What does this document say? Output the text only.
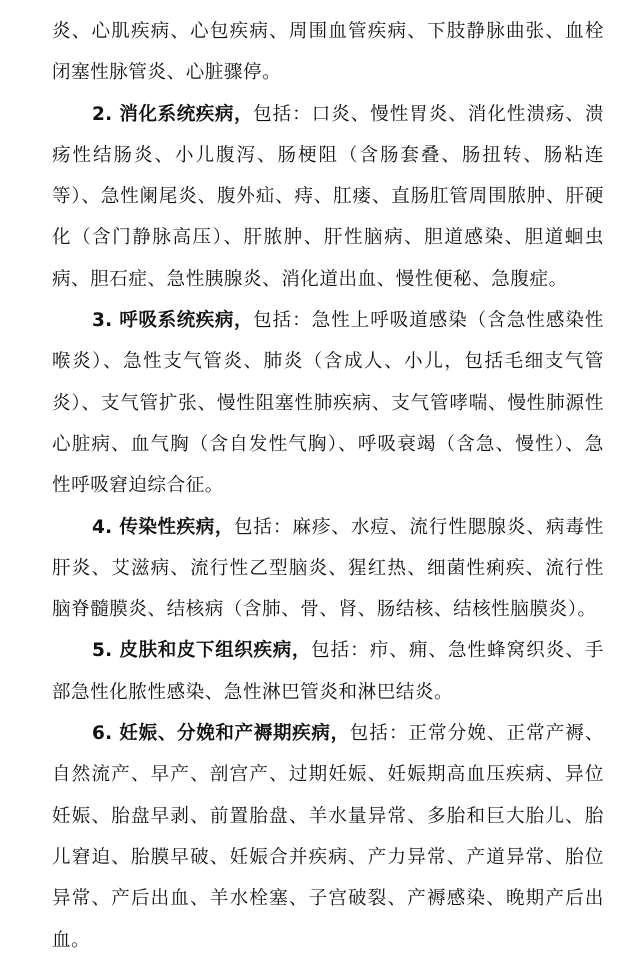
炎、心肌疾病、心包疾病、周围血管疾病、下肢静脉曲张、血栓闭塞性脉管炎、心脏骤停。

2. 消化系统疾病，包括：口炎、慢性胃炎、消化性溃疡、溃疡性结肠炎、小儿腹泻、肠梗阻（含肠套叠、肠扭转、肠粘连等）、急性阑尾炎、腹外疝、痔、肛瘘、直肠肛管周围脓肿、肝硬化（含门静脉高压）、肝脓肿、肝性脑病、胆道感染、胆道蛔虫病、胆石症、急性胰腺炎、消化道出血、慢性便秘、急腹症。

3. 呼吸系统疾病，包括：急性上呼吸道感染（含急性感染性喉炎）、急性支气管炎、肺炎（含成人、小儿，包括毛细支气管炎）、支气管扩张、慢性阻塞性肺疾病、支气管哮喘、慢性肺源性心脏病、血气胸（含自发性气胸）、呼吸衰竭（含急、慢性）、急性呼吸窘迫综合征。

4. 传染性疾病，包括：麻疹、水痘、流行性腮腺炎、病毒性肝炎、艾滋病、流行性乙型脑炎、猩红热、细菌性痢疾、流行性脑脊髓膜炎、结核病（含肺、骨、肾、肠结核、结核性脑膜炎）。

5. 皮肤和皮下组织疾病，包括：疖、痈、急性蜂窝织炎、手部急性化脓性感染、急性淋巴管炎和淋巴结炎。

6. 妊娠、分娩和产褥期疾病，包括：正常分娩、正常产褥、自然流产、早产、剖宫产、过期妊娠、妊娠期高血压疾病、异位妊娠、胎盘早剥、前置胎盘、羊水量异常、多胎和巨大胎儿、胎儿窘迫、胎膜早破、妊娠合并疾病、产力异常、产道异常、胎位异常、产后出血、羊水栓塞、子宫破裂、产褥感染、晚期产后出血。
